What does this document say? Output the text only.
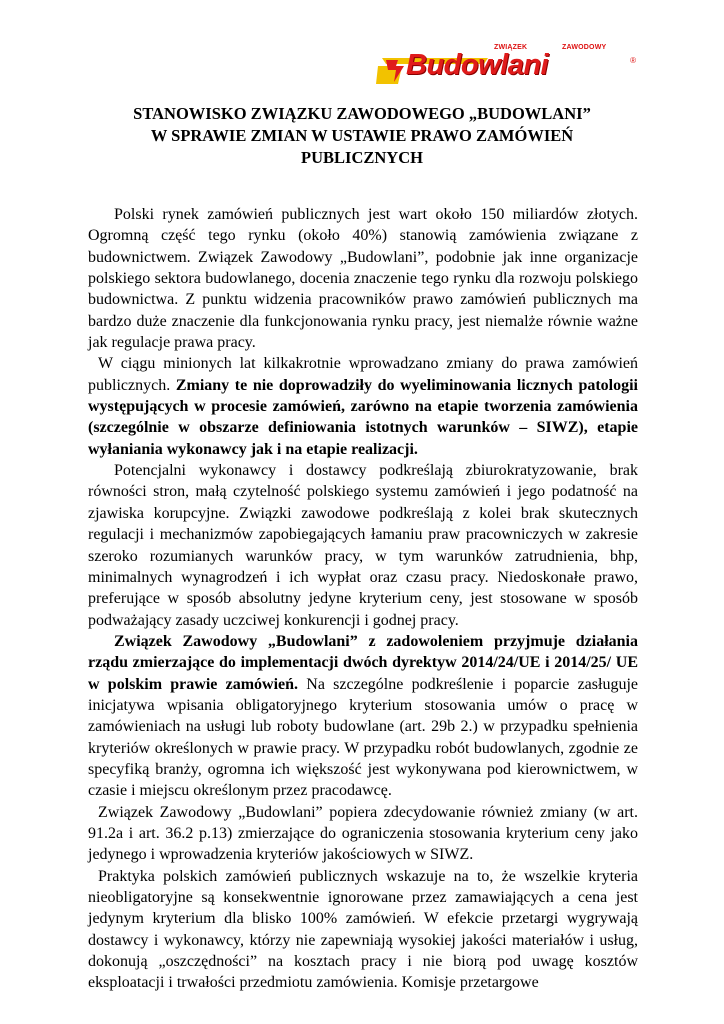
ZWIĄZEK	ZAWODOWY
Budowlani	®
STANOWISKO ZWIĄZKU ZAWODOWEGO „BUDOWLANI”
W SPRAWIE ZMIAN W USTAWIE PRAWO ZAMÓWIEŃ
PUBLICZNYCH

Polski rynek zamówień publicznych jest wart około 150 miliardów złotych. Ogromną część tego rynku (około 40%) stanowią zamówienia związane z budownictwem. Związek Zawodowy „Budowlani”, podobnie jak inne organizacje polskiego sektora budowlanego, docenia znaczenie tego rynku dla rozwoju polskiego budownictwa. Z punktu widzenia pracowników prawo zamówień publicznych ma bardzo duże znaczenie dla funkcjonowania rynku pracy, jest niemalże równie ważne jak regulacje prawa pracy.

W ciągu minionych lat kilkakrotnie wprowadzano zmiany do prawa zamówień publicznych. Zmiany te nie doprowadziły do wyeliminowania licznych patologii występujących w procesie zamówień, zarówno na etapie tworzenia zamówienia (szczególnie w obszarze definiowania istotnych warunków – SIWZ), etapie wyłaniania wykonawcy jak i na etapie realizacji.

Potencjalni wykonawcy i dostawcy podkreślają zbiurokratyzowanie, brak równości stron, małą czytelność polskiego systemu zamówień i jego podatność na zjawiska korupcyjne. Związki zawodowe podkreślają z kolei brak skutecznych regulacji i mechanizmów zapobiegających łamaniu praw pracowniczych w zakresie szeroko rozumianych warunków pracy, w tym warunków zatrudnienia, bhp, minimalnych wynagrodzeń i ich wypłat oraz czasu pracy. Niedoskonałe prawo, preferujące w sposób absolutny jedyne kryterium ceny, jest stosowane w sposób podważający zasady uczciwej konkurencji i godnej pracy.

Związek Zawodowy „Budowlani” z zadowoleniem przyjmuje działania rządu zmierzające do implementacji dwóch dyrektyw 2014/24/UE i 2014/25/ UE w polskim prawie zamówień. Na szczególne podkreślenie i poparcie zasługuje inicjatywa wpisania obligatoryjnego kryterium stosowania umów o pracę w zamówieniach na usługi lub roboty budowlane (art. 29b 2.) w przypadku spełnienia kryteriów określonych w prawie pracy. W przypadku robót budowlanych, zgodnie ze specyfiką branży, ogromna ich większość jest wykonywana pod kierownictwem, w czasie i miejscu określonym przez pracodawcę.

Związek Zawodowy „Budowlani” popiera zdecydowanie również zmiany (w art. 91.2a i art. 36.2 p.13) zmierzające do ograniczenia stosowania kryterium ceny jako jedynego i wprowadzenia kryteriów jakościowych w SIWZ.

Praktyka polskich zamówień publicznych wskazuje na to, że wszelkie kryteria nieobligatoryjne są konsekwentnie ignorowane przez zamawiających a cena jest jedynym kryterium dla blisko 100% zamówień. W efekcie przetargi wygrywają dostawcy i wykonawcy, którzy nie zapewniają wysokiej jakości materiałów i usług, dokonują „oszczędności” na kosztach pracy i nie biorą pod uwagę kosztów eksploatacji i trwałości przedmiotu zamówienia. Komisje przetargowe
